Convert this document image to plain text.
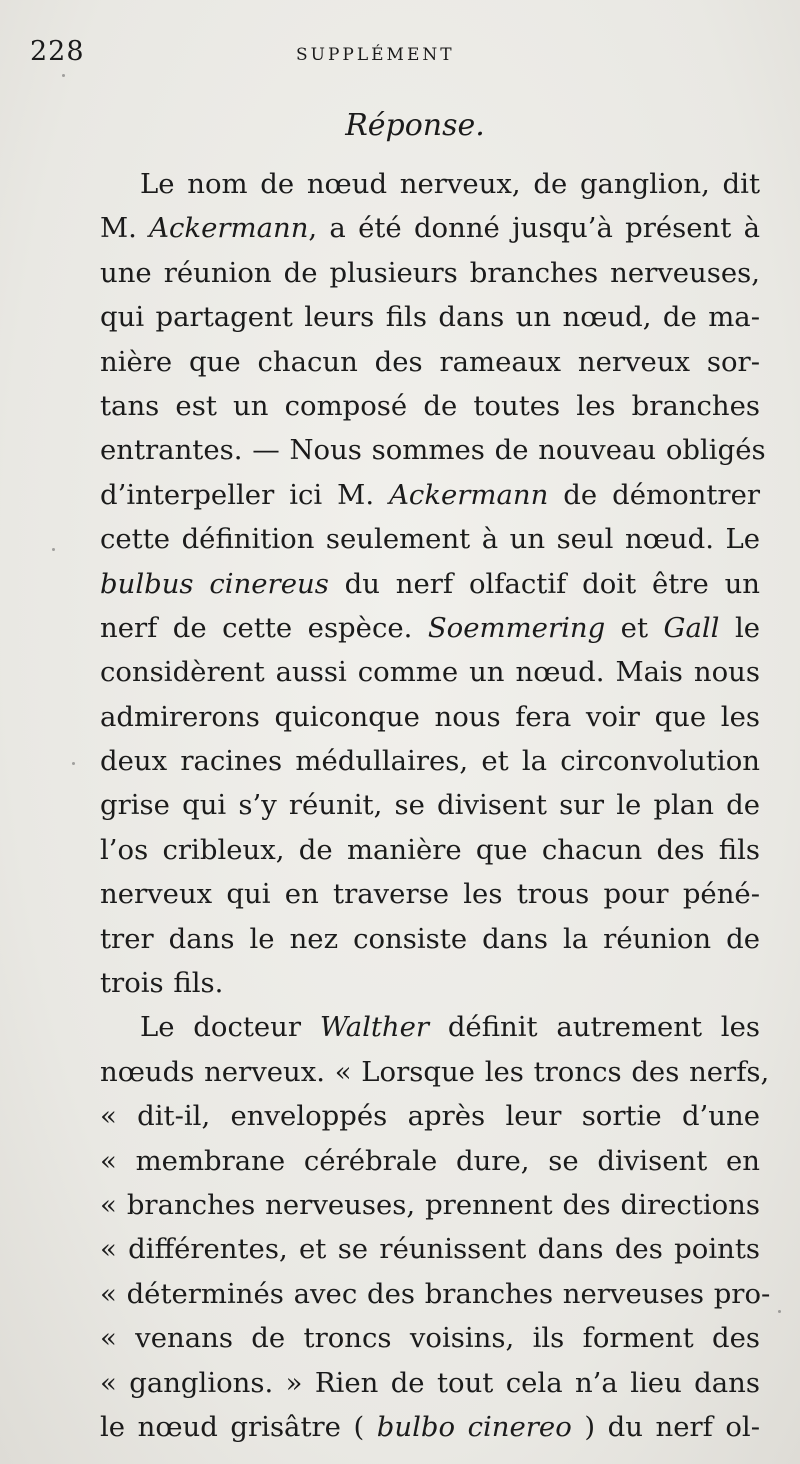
228	SUPPLÉMENT
Réponse.
Le nom de nœud nerveux, de ganglion, dit
M. Ackermann, a été donné jusqu’à présent à
une réunion de plusieurs branches nerveuses,
qui partagent leurs fils dans un nœud, de ma-
nière que chacun des rameaux nerveux sor-
tans est un composé de toutes les branches
entrantes. — Nous sommes de nouveau obligés
d’interpeller ici M. Ackermann de démontrer
cette définition seulement à un seul nœud. Le
bulbus cinereus du nerf olfactif doit être un
nerf de cette espèce. Soemmering et Gall le
considèrent aussi comme un nœud. Mais nous
admirerons quiconque nous fera voir que les
deux racines médullaires, et la circonvolution
grise qui s’y réunit, se divisent sur le plan de
l’os cribleux, de manière que chacun des fils
nerveux qui en traverse les trous pour péné-
trer dans le nez consiste dans la réunion de
trois fils.
Le docteur Walther définit autrement les
nœuds nerveux. « Lorsque les troncs des nerfs,
« dit-il, enveloppés après leur sortie d’une
« membrane cérébrale dure, se divisent en
« branches nerveuses, prennent des directions
« différentes, et se réunissent dans des points
« déterminés avec des branches nerveuses pro-
« venans de troncs voisins, ils forment des
« ganglions. » Rien de tout cela n’a lieu dans
le nœud grisâtre ( bulbo cinereo ) du nerf ol-
